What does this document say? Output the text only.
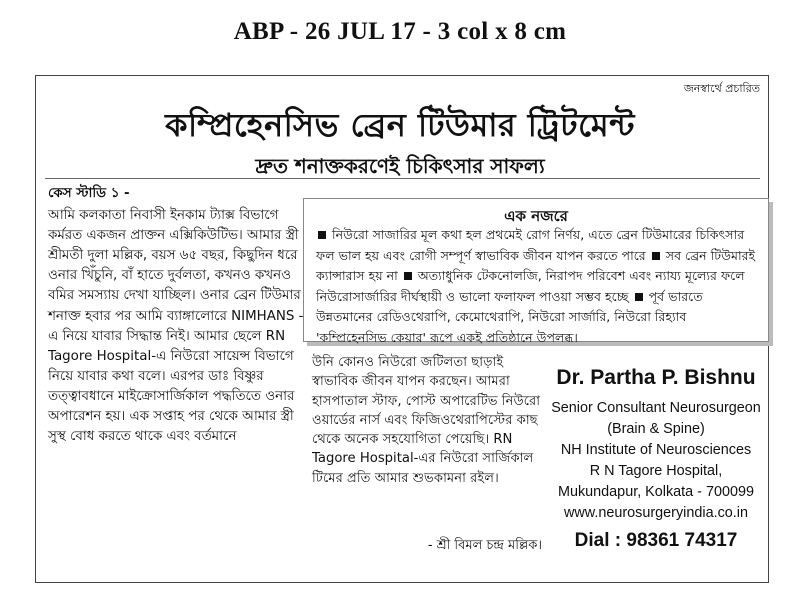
ABP - 26 JUL 17 - 3 col x 8 cm
জনস্বার্থে প্রচারিত
কম্প্রিহেনসিভ ব্রেন টিউমার ট্রিটমেন্ট
দ্রুত শনাক্তকরণেই চিকিৎসার সাফল্য

কেস স্টাডি ১ -

আমি কলকাতা নিবাসী ইনকাম ট্যাক্স বিভাগে কর্মরত একজন প্রাক্তন এক্সিকিউটিভ। আমার স্ত্রী শ্রীমতী দুলা মল্লিক, বয়স ৬৫ বছর, কিছুদিন ধরে ওনার খিঁচুনি, বাঁ হাতে দুর্বলতা, কখনও কখনও বমির সমস্যায় দেখা যাচ্ছিল। ওনার ব্রেন টিউমার শনাক্ত হবার পর আমি ব্যাঙ্গালোরে NIMHANS - এ নিয়ে যাবার সিদ্ধান্ত নিই। আমার ছেলে RN Tagore Hospital-এ নিউরো সায়েন্স বিভাগে নিয়ে যাবার কথা বলে। এরপর ডাঃ বিষ্ণুর তত্ত্বাবধানে মাইক্রোসার্জিকাল পদ্ধতিতে ওনার অপারেশন হয়। এক সপ্তাহ পর থেকে আমার স্ত্রী সুস্থ বোধ করতে থাকে এবং বর্তমানে

এক নজরে
নিউরো সাজারির মূল কথা হল প্রথমেই রোগ নির্ণয়, এতে ব্রেন টিউমারের চিকিৎসার ফল ভাল হয় এবং রোগী সম্পূর্ণ স্বাভাবিক জীবন যাপন করতে পারে সব ব্রেন টিউমারই ক্যান্সারাস হয় না অত্যাধুনিক টেকনোলজি, নিরাপদ পরিবেশ এবং ন্যায্য মূল্যের ফলে নিউরোসার্জারির দীর্ঘস্থায়ী ও ভালো ফলাফল পাওয়া সম্ভব হচ্ছে পূর্ব ভারতে উন্নতমানের রেডিওথেরাপি, কেমোথেরাপি, নিউরো সার্জারি, নিউরো রিহ্যাব 'কম্প্রিহেনসিভ কেয়ার' রূপে একই প্রতিষ্ঠানে উপলব্ধ।

উনি কোনও নিউরো জটিলতা ছাড়াই স্বাভাবিক জীবন যাপন করছেন। আমরা হাসপাতাল স্টাফ, পোস্ট অপারেটিভ নিউরো ওয়ার্ডের নার্স এবং ফিজিওথেরাপিস্টের কাছ থেকে অনেক সহযোগিতা পেয়েছি। RN Tagore Hospital-এর নিউরো সার্জিকাল টিমের প্রতি আমার শুভকামনা রইল।

- শ্রী বিমল চন্দ্র মল্লিক।
Dr. Partha P. Bishnu
Senior Consultant Neurosurgeon
(Brain & Spine)
NH Institute of Neurosciences
R N Tagore Hospital,
Mukundapur, Kolkata - 700099
www.neurosurgeryindia.co.in
Dial : 98361 74317
